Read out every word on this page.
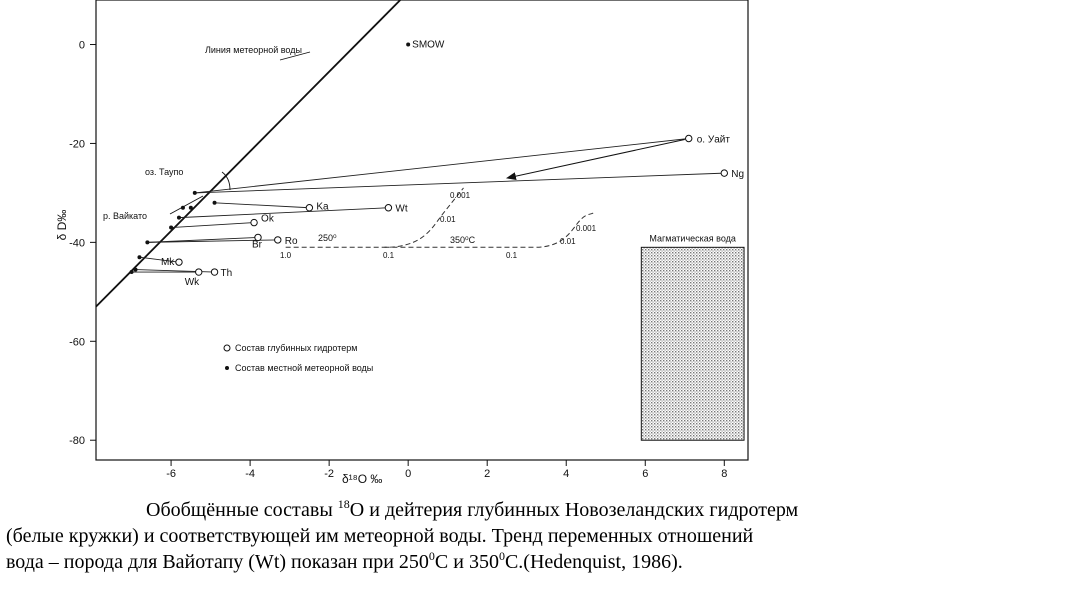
-6	-4	-2	0	2	4	6	8
0
-20
-40
-60
-80
Магматическая вода
Линия метеорной воды	SMOW
250⁰
1.0	0.1
0.01
0.001
350⁰C
0.1
0.01
0.001
оз. Таупо
р. Вайкато
о. Уайт
Ng
Ka	Wt
Ok
Br Ro
Mk
Wk
Th
Состав глубинных гидротерм
Состав местной метеорной воды
δ¹⁸O ‰
δ D‰
Обобщённые составы $^{18}$О и дейтерия глубинных Новозеландских гидротерм
(белые кружки) и соответствующей им метеорной воды. Тренд переменных отношений
вода – порода для Вайотапу (Wt) показан при $250^0С$ и $350^0С.(Hedenquist$, 1986).
